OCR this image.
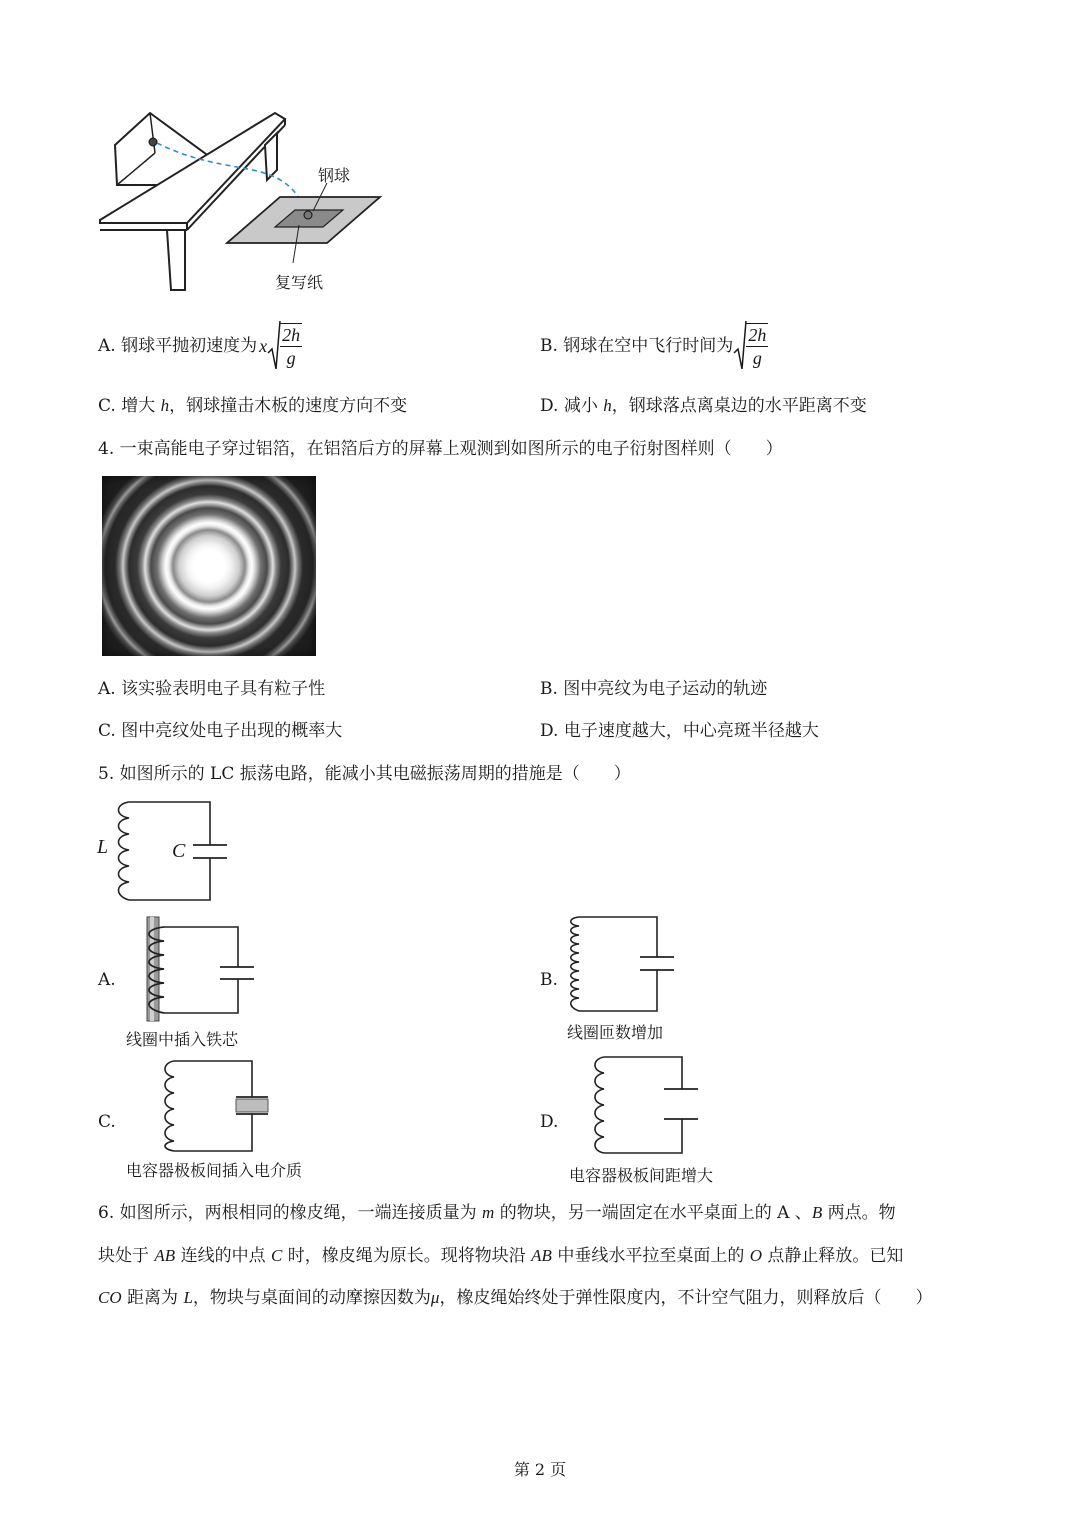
钢球
复写纸
A. 钢球平抛初速度为 x $\frac{2h}{g}$	B. 钢球在空中飞行时间为 $\frac{2h}{g}$
C. 增大 h，钢球撞击木板的速度方向不变	D. 减小 h，钢球落点离桌边的水平距离不变
4. 一束高能电子穿过铝箔，在铝箔后方的屏幕上观测到如图所示的电子衍射图样则（　　）
A. 该实验表明电子具有粒子性	B. 图中亮纹为电子运动的轨迹
C. 图中亮纹处电子出现的概率大	D. 电子速度越大，中心亮斑半径越大
5. 如图所示的 LC 振荡电路，能减小其电磁振荡周期的措施是（　　）
L	C
A.
线圈中插入铁芯
B.
线圈匝数增加
C.
电容器极板间插入电介质
D.
电容器极板间距增大
6. 如图所示，两根相同的橡皮绳，一端连接质量为 m 的物块，另一端固定在水平桌面上的 A 、B 两点。物
块处于 AB 连线的中点 C 时，橡皮绳为原长。现将物块沿 AB 中垂线水平拉至桌面上的 O 点静止释放。已知
CO 距离为 L，物块与桌面间的动摩擦因数为μ，橡皮绳始终处于弹性限度内，不计空气阻力，则释放后（　　）
第 2 页
